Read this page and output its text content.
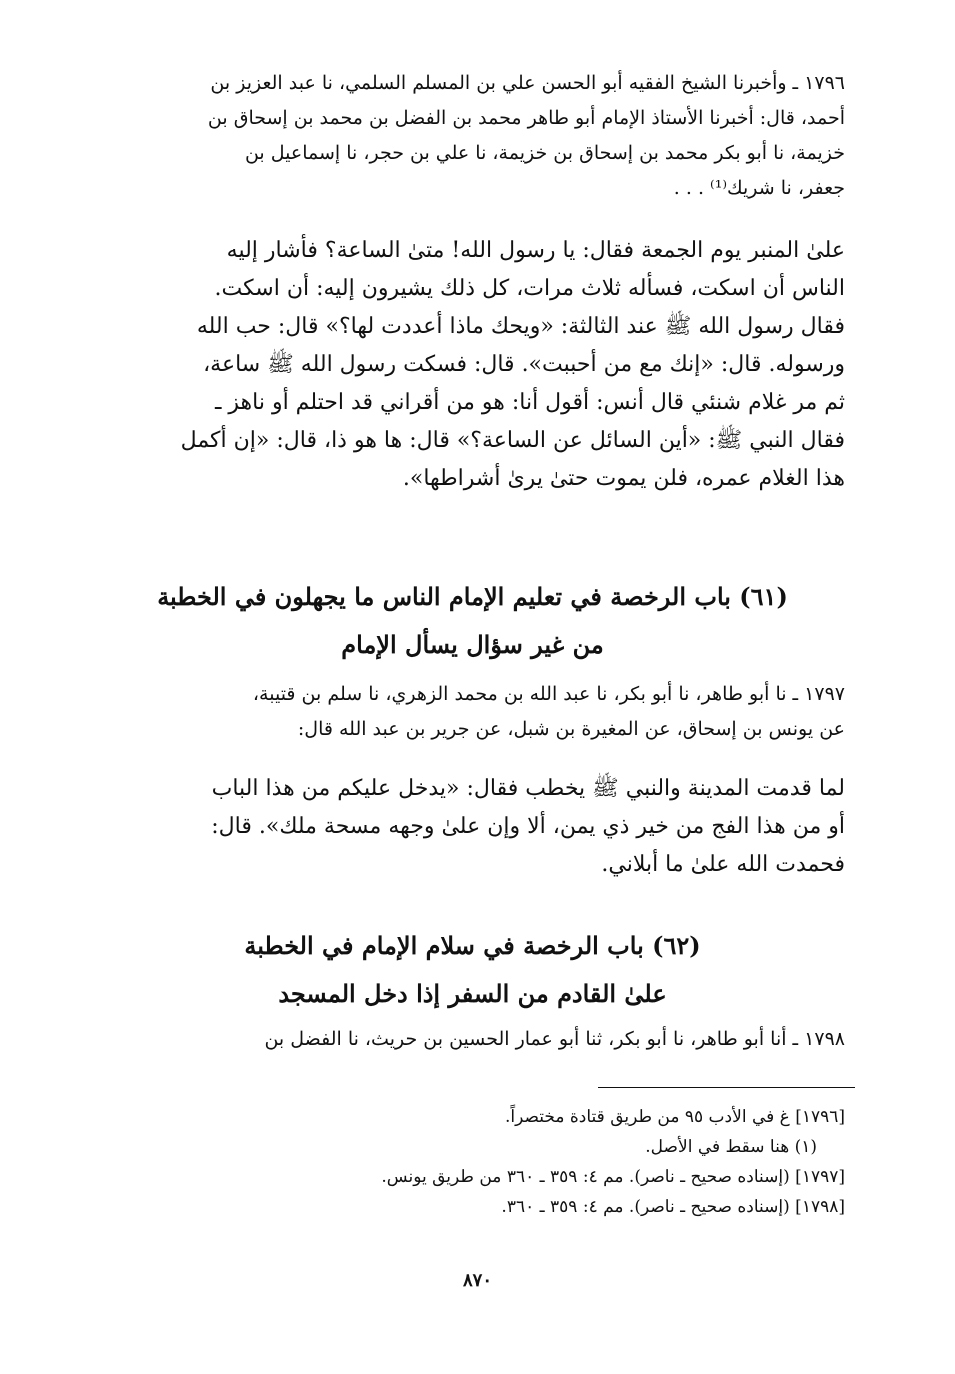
١٧٩٦ ـ وأخبرنا الشيخ الفقيه أبو الحسن علي بن المسلم السلمي، نا عبد العزيز بن
أحمد، قال: أخبرنا الأستاذ الإمام أبو طاهر محمد بن الفضل بن محمد بن إسحاق بن
خزيمة، نا أبو بكر محمد بن إسحاق بن خزيمة، نا علي بن حجر، نا إسماعيل بن
جعفر، نا شريك⁽¹⁾ . . .
علىٰ المنبر يوم الجمعة فقال: يا رسول الله! متىٰ الساعة؟ فأشار إليه
الناس أن اسكت، فسأله ثلاث مرات، كل ذلك يشيرون إليه: أن اسكت.
فقال رسول الله ﷺ عند الثالثة: «ويحك ماذا أعددت لها؟» قال: حب الله
ورسوله. قال: «إنك مع من أحببت». قال: فسكت رسول الله ﷺ ساعة،
ثم مر غلام شنئي قال أنس: أقول أنا: هو من أقراني قد احتلم أو ناهز ـ
فقال النبي ﷺ: «أين السائل عن الساعة؟» قال: ها هو ذا، قال: «إن أكمل
هذا الغلام عمره، فلن يموت حتىٰ يرىٰ أشراطها».
(٦١) باب الرخصة في تعليم الإمام الناس ما يجهلون في الخطبة
من غير سؤال يسأل الإمام
١٧٩٧ ـ نا أبو طاهر، نا أبو بكر، نا عبد الله بن محمد الزهري، نا سلم بن قتيبة،
عن يونس بن إسحاق، عن المغيرة بن شبل، عن جرير بن عبد الله قال:
لما قدمت المدينة والنبي ﷺ يخطب فقال: «يدخل عليكم من هذا الباب
أو من هذا الفج من خير ذي يمن، ألا وإن علىٰ وجهه مسحة ملك». قال:
فحمدت الله علىٰ ما أبلاني.
(٦٢) باب الرخصة في سلام الإمام في الخطبة
علىٰ القادم من السفر إذا دخل المسجد
١٧٩٨ ـ أنا أبو طاهر، نا أبو بكر، ثنا أبو عمار الحسين بن حريث، نا الفضل بن
[١٧٩٦] غ في الأدب ٩٥ من طريق قتادة مختصراً.
(١) هنا سقط في الأصل.
[١٧٩٧] (إسناده صحيح ـ ناصر). مم ٤: ٣٥٩ ـ ٣٦٠ من طريق يونس.
[١٧٩٨] (إسناده صحيح ـ ناصر). مم ٤: ٣٥٩ ـ ٣٦٠.
٨٧٠
